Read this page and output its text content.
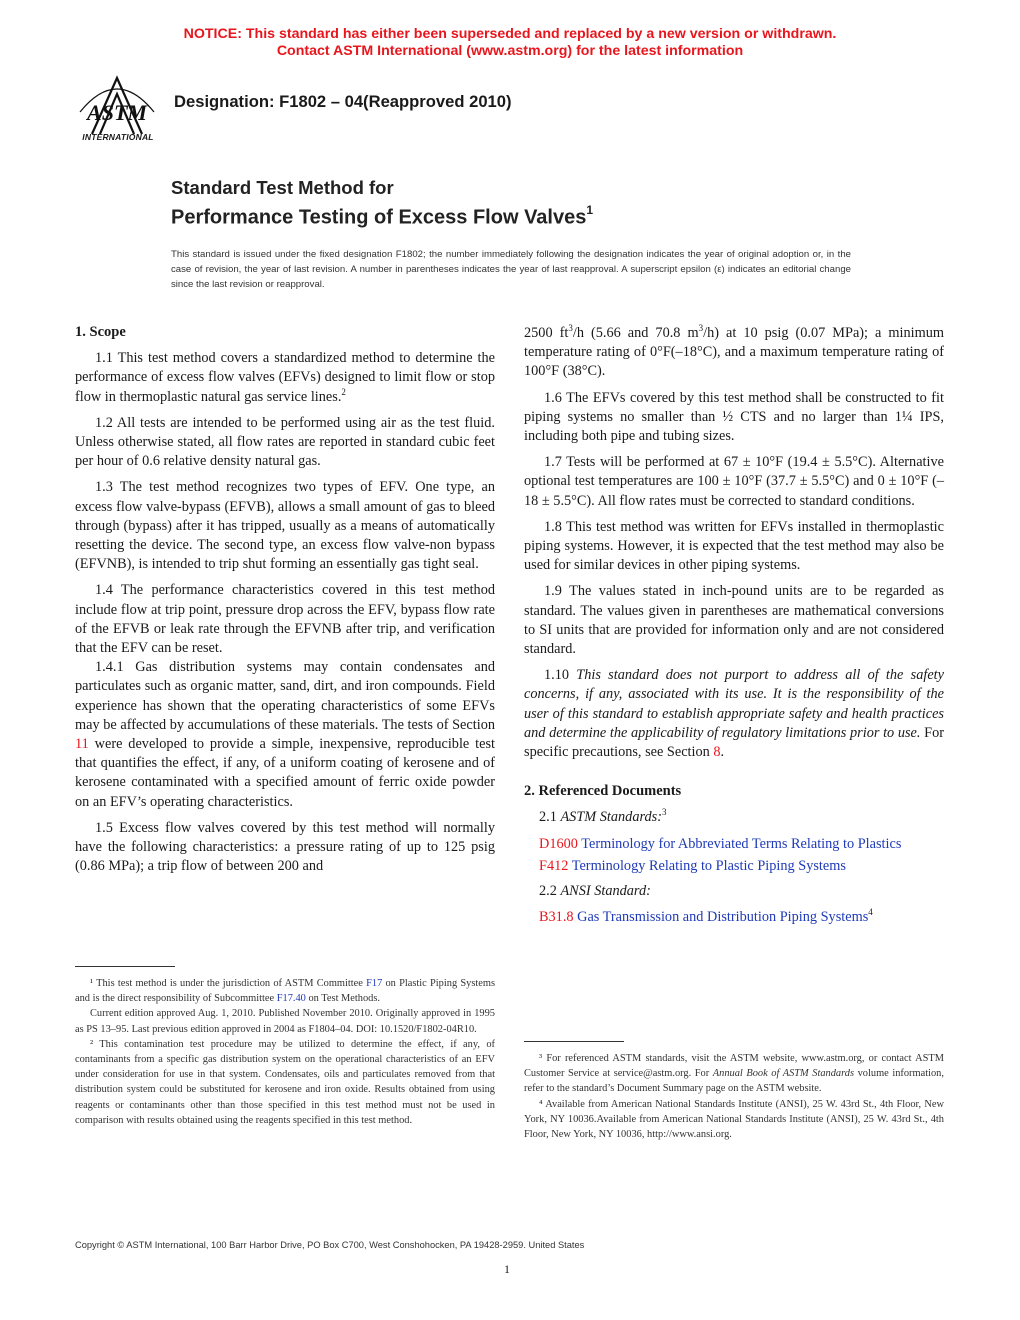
NOTICE: This standard has either been superseded and replaced by a new version or withdrawn.
Contact ASTM International (www.astm.org) for the latest information
ASTM
INTERNATIONAL
Designation: F1802 – 04(Reapproved 2010)
Standard Test Method for
Performance Testing of Excess Flow Valves$^1$
This standard is issued under the fixed designation F1802; the number immediately following the designation indicates the year of original adoption or, in the case of revision, the year of last revision. A number in parentheses indicates the year of last reapproval. A superscript epsilon (ε) indicates an editorial change since the last revision or reapproval.
1. Scope

1.1 This test method covers a standardized method to determine the performance of excess flow valves (EFVs) designed to limit flow or stop flow in thermoplastic natural gas service lines.$^2$

1.2 All tests are intended to be performed using air as the test fluid. Unless otherwise stated, all flow rates are reported in standard cubic feet per hour of 0.6 relative density natural gas.

1.3 The test method recognizes two types of EFV. One type, an excess flow valve-bypass (EFVB), allows a small amount of gas to bleed through (bypass) after it has tripped, usually as a means of automatically resetting the device. The second type, an excess flow valve-non bypass (EFVNB), is intended to trip shut forming an essentially gas tight seal.

1.4 The performance characteristics covered in this test method include flow at trip point, pressure drop across the EFV, bypass flow rate of the EFVB or leak rate through the EFVNB after trip, and verification that the EFV can be reset.

1.4.1 Gas distribution systems may contain condensates and particulates such as organic matter, sand, dirt, and iron compounds. Field experience has shown that the operating characteristics of some EFVs may be affected by accumulations of these materials. The tests of Section 11 were developed to provide a simple, inexpensive, reproducible test that quantifies the effect, if any, of a uniform coating of kerosene and of kerosene contaminated with a specified amount of ferric oxide powder on an EFV’s operating characteristics.

1.5 Excess flow valves covered by this test method will normally have the following characteristics: a pressure rating of up to 125 psig (0.86 MPa); a trip flow of between 200 and

2500 ft$^3$/h (5.66 and 70.8 m$^3$/h) at 10 psig (0.07 MPa); a minimum temperature rating of 0°F(–18°C), and a maximum temperature rating of 100°F (38°C).

1.6 The EFVs covered by this test method shall be constructed to fit piping systems no smaller than ½ CTS and no larger than 1¼ IPS, including both pipe and tubing sizes.

1.7 Tests will be performed at 67 ± 10°F (19.4 ± 5.5°C). Alternative optional test temperatures are 100 ± 10°F (37.7 ± 5.5°C) and 0 ± 10°F (–18 ± 5.5°C). All flow rates must be corrected to standard conditions.

1.8 This test method was written for EFVs installed in thermoplastic piping systems. However, it is expected that the test method may also be used for similar devices in other piping systems.

1.9 The values stated in inch-pound units are to be regarded as standard. The values given in parentheses are mathematical conversions to SI units that are provided for information only and are not considered standard.

1.10 This standard does not purport to address all of the safety concerns, if any, associated with its use. It is the responsibility of the user of this standard to establish appropriate safety and health practices and determine the applicability of regulatory limitations prior to use. For specific precautions, see Section 8.

2. Referenced Documents

2.1 ASTM Standards:$^3$

D1600 Terminology for Abbreviated Terms Relating to Plastics

F412 Terminology Relating to Plastic Piping Systems

2.2 ANSI Standard:

B31.8 Gas Transmission and Distribution Piping Systems$^4$

¹ This test method is under the jurisdiction of ASTM Committee F17 on Plastic Piping Systems and is the direct responsibility of Subcommittee F17.40 on Test Methods.

Current edition approved Aug. 1, 2010. Published November 2010. Originally approved in 1995 as PS 13–95. Last previous edition approved in 2004 as F1804–04. DOI: 10.1520/F1802-04R10.

² This contamination test procedure may be utilized to determine the effect, if any, of contaminants from a specific gas distribution system on the operational characteristics of an EFV under consideration for use in that system. Condensates, oils and particulates removed from that distribution system could be substituted for kerosene and iron oxide. Results obtained from using reagents or contaminants other than those specified in this test method must not be used in comparison with results obtained using the reagents specified in this test method.

³ For referenced ASTM standards, visit the ASTM website, www.astm.org, or contact ASTM Customer Service at service@astm.org. For Annual Book of ASTM Standards volume information, refer to the standard’s Document Summary page on the ASTM website.

⁴ Available from American National Standards Institute (ANSI), 25 W. 43rd St., 4th Floor, New York, NY 10036.Available from American National Standards Institute (ANSI), 25 W. 43rd St., 4th Floor, New York, NY 10036, http://www.ansi.org.

Copyright © ASTM International, 100 Barr Harbor Drive, PO Box C700, West Conshohocken, PA 19428-2959. United States
1
